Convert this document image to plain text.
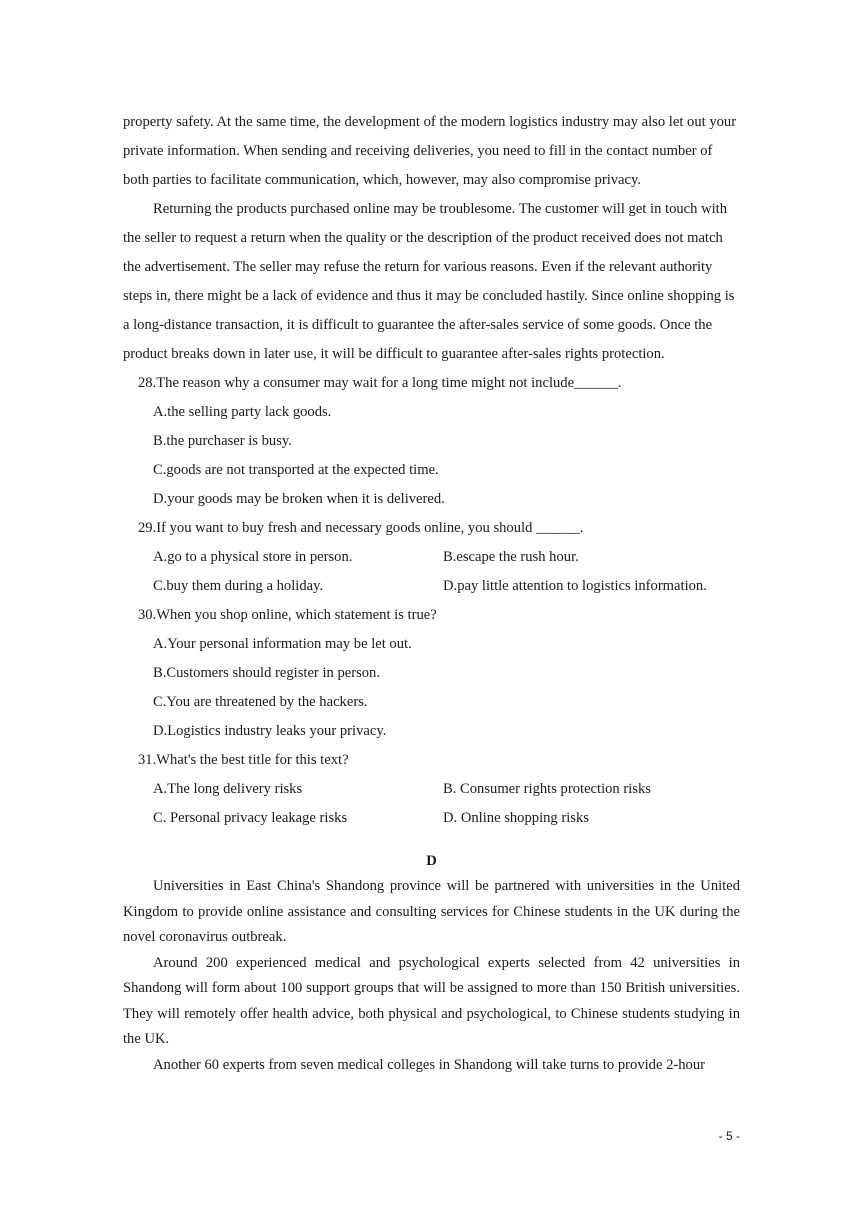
property safety. At the same time, the development of the modern logistics industry may also let out your private information. When sending and receiving deliveries, you need to fill in the contact number of both parties to facilitate communication, which, however, may also compromise privacy.

Returning the products purchased online may be troublesome. The customer will get in touch with the seller to request a return when the quality or the description of the product received does not match the advertisement. The seller may refuse the return for various reasons. Even if the relevant authority steps in, there might be a lack of evidence and thus it may be concluded hastily. Since online shopping is a long-distance transaction, it is difficult to guarantee the after-sales service of some goods. Once the product breaks down in later use, it will be difficult to guarantee after-sales rights protection.

28.The reason why a consumer may wait for a long time might not include______.

A.the selling party lack goods.

B.the purchaser is busy.

C.goods are not transported at the expected time.

D.your goods may be broken when it is delivered.

29.If you want to buy fresh and necessary goods online, you should ______.

A.go to a physical store in person.	B.escape the rush hour.
C.buy them during a holiday.	D.pay little attention to logistics information.

30.When you shop online, which statement is true?

A.Your personal information may be let out.

B.Customers should register in person.

C.You are threatened by the hackers.

D.Logistics industry leaks your privacy.

31.What's the best title for this text?

A.The long delivery risks	B. Consumer rights protection risks
C. Personal privacy leakage risks	D. Online shopping risks

D

Universities in East China's Shandong province will be partnered with universities in the United Kingdom to provide online assistance and consulting services for Chinese students in the UK during the novel coronavirus outbreak.

Around 200 experienced medical and psychological experts selected from 42 universities in Shandong will form about 100 support groups that will be assigned to more than 150 British universities. They will remotely offer health advice, both physical and psychological, to Chinese students studying in the UK.

Another 60 experts from seven medical colleges in Shandong will take turns to provide 2-hour

- 5 -
